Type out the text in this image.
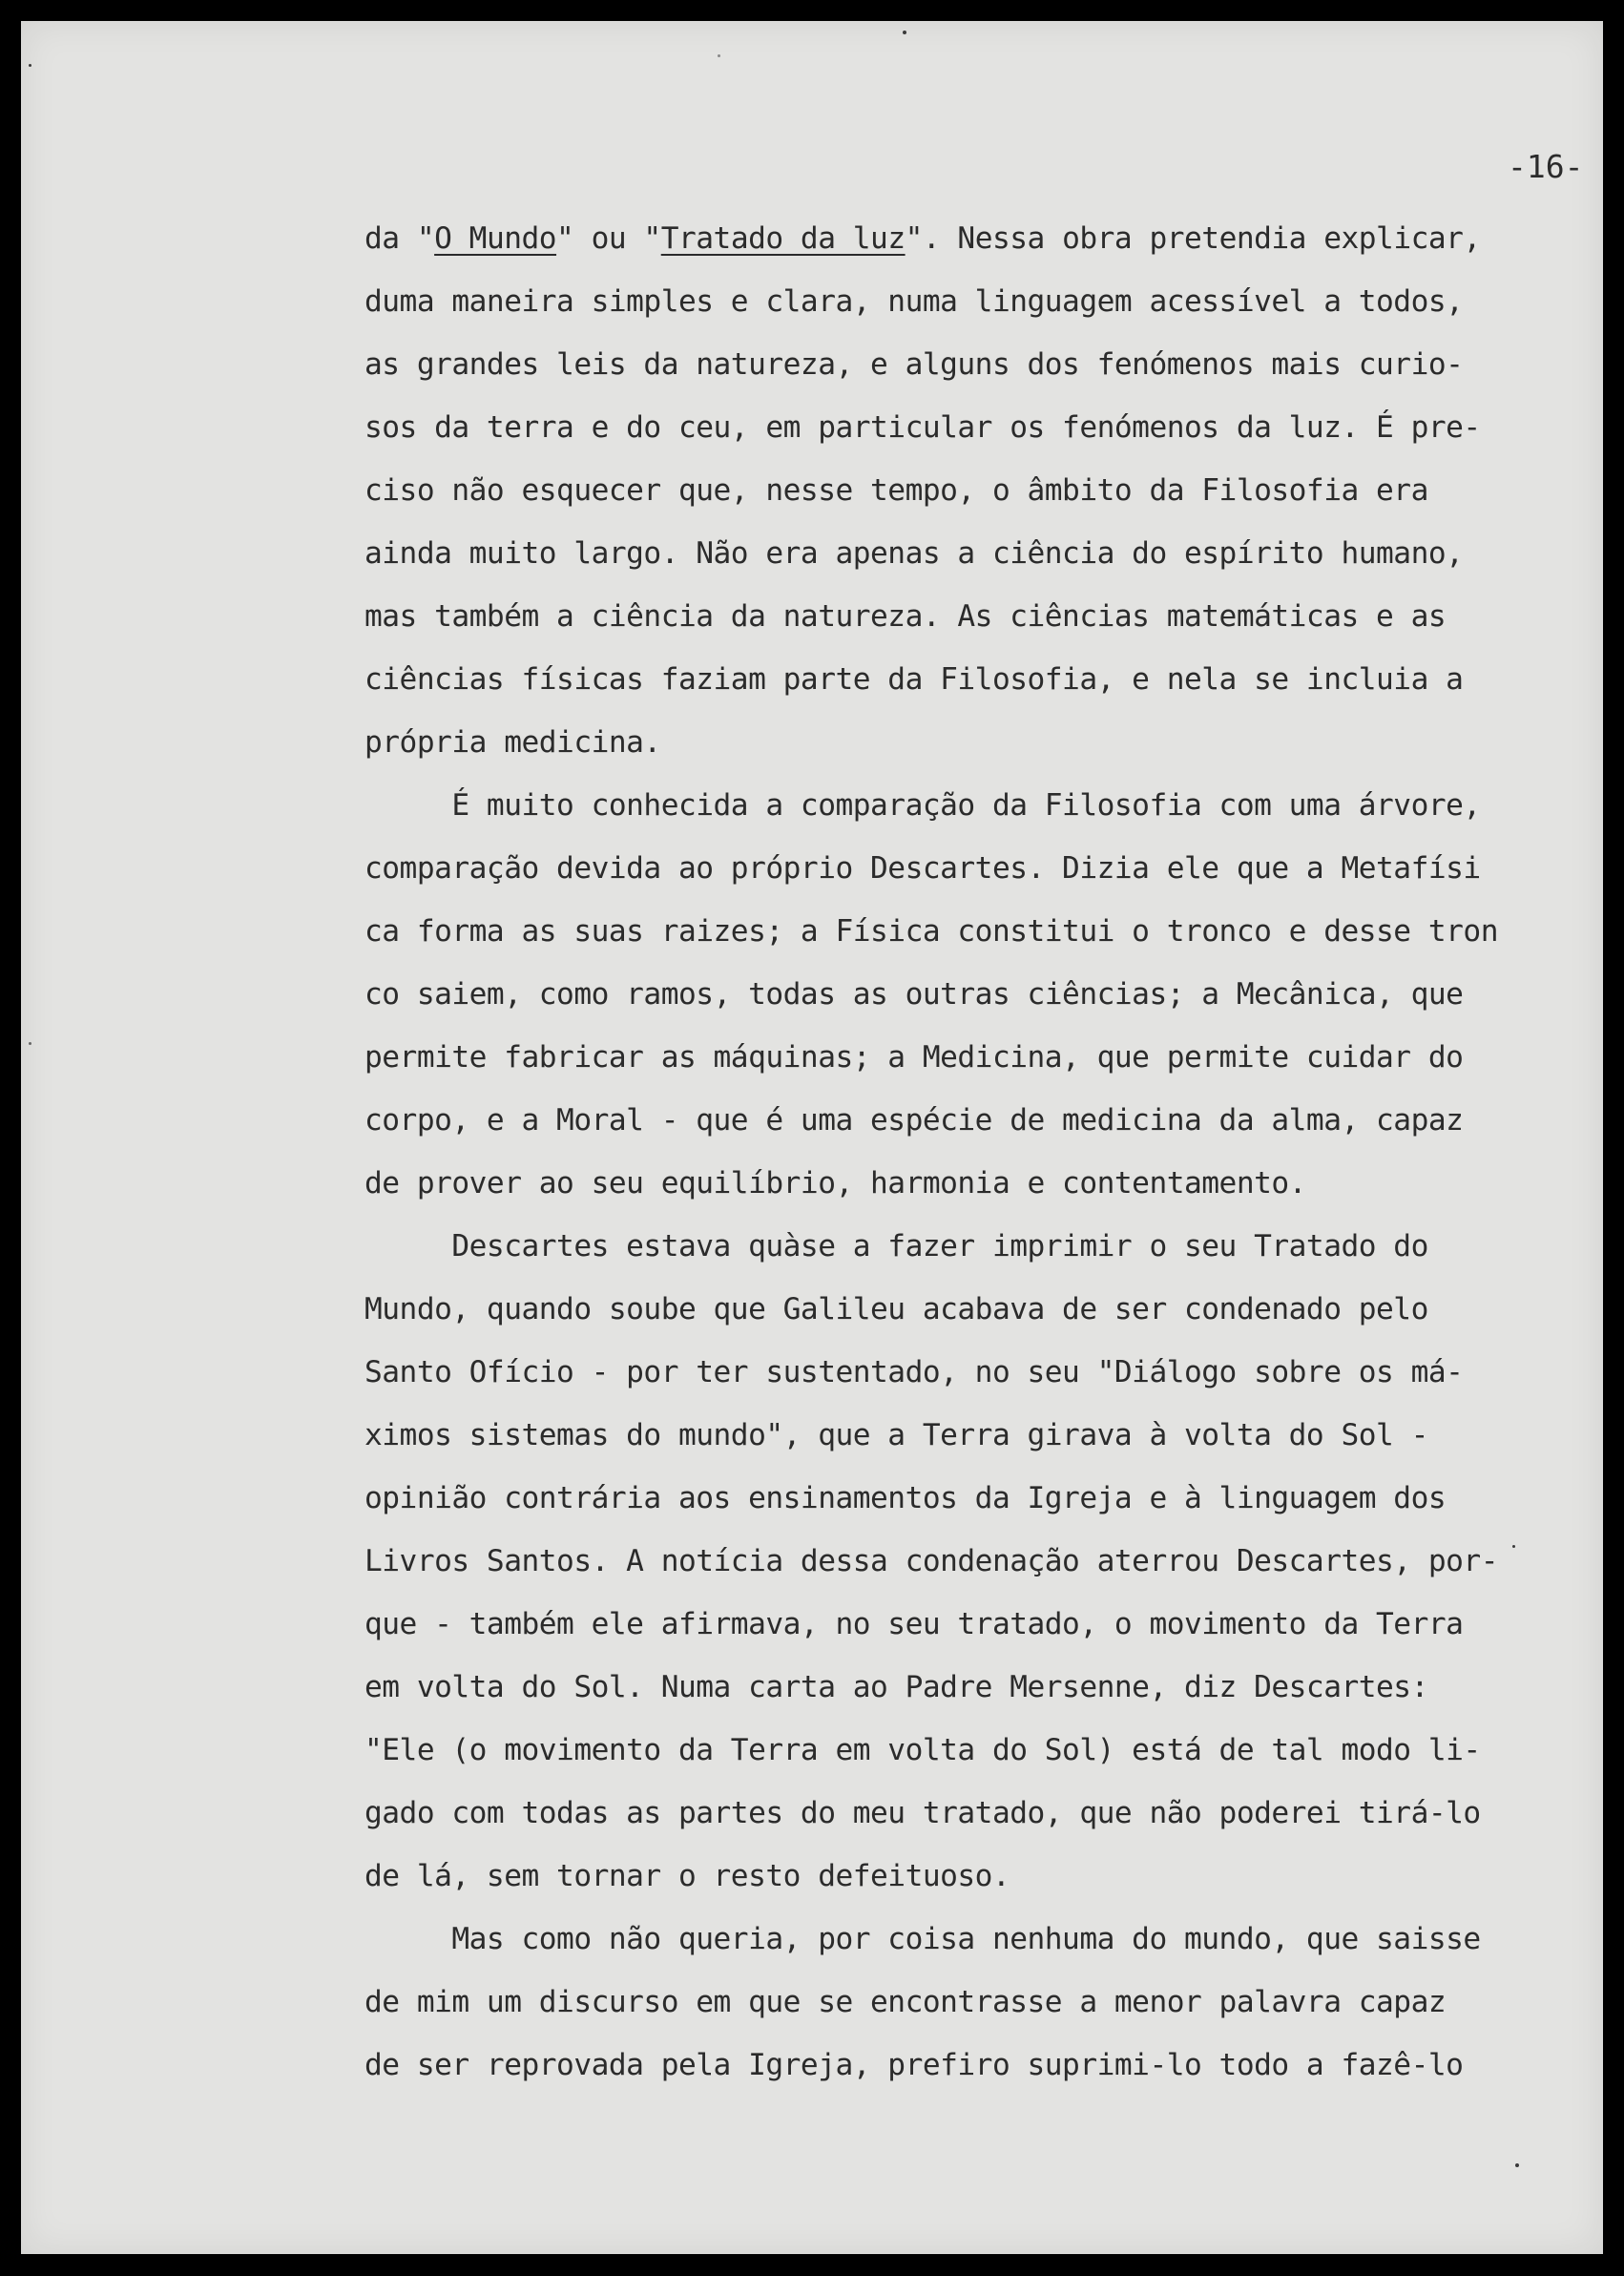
-16-
da "O Mundo" ou "Tratado da luz". Nessa obra pretendia explicar,
duma maneira simples e clara, numa linguagem acessível a todos,
as grandes leis da natureza, e alguns dos fenómenos mais curio-
sos da terra e do ceu, em particular os fenómenos da luz. É pre-
ciso não esquecer que, nesse tempo, o âmbito da Filosofia era
ainda muito largo. Não era apenas a ciência do espírito humano,
mas também a ciência da natureza. As ciências matemáticas e as
ciências físicas faziam parte da Filosofia, e nela se incluia a
própria medicina.
É muito conhecida a comparação da Filosofia com uma árvore,
comparação devida ao próprio Descartes. Dizia ele que a Metafísi
ca forma as suas raizes; a Física constitui o tronco e desse tron
co saiem, como ramos, todas as outras ciências; a Mecânica, que
permite fabricar as máquinas; a Medicina, que permite cuidar do
corpo, e a Moral - que é uma espécie de medicina da alma, capaz
de prover ao seu equilíbrio, harmonia e contentamento.
Descartes estava quàse a fazer imprimir o seu Tratado do
Mundo, quando soube que Galileu acabava de ser condenado pelo
Santo Ofício - por ter sustentado, no seu "Diálogo sobre os má-
ximos sistemas do mundo", que a Terra girava à volta do Sol -
opinião contrária aos ensinamentos da Igreja e à linguagem dos
Livros Santos. A notícia dessa condenação aterrou Descartes, por-
que - também ele afirmava, no seu tratado, o movimento da Terra
em volta do Sol. Numa carta ao Padre Mersenne, diz Descartes:
"Ele (o movimento da Terra em volta do Sol) está de tal modo li-
gado com todas as partes do meu tratado, que não poderei tirá-lo
de lá, sem tornar o resto defeituoso.
Mas como não queria, por coisa nenhuma do mundo, que saisse
de mim um discurso em que se encontrasse a menor palavra capaz
de ser reprovada pela Igreja, prefiro suprimi-lo todo a fazê-lo
